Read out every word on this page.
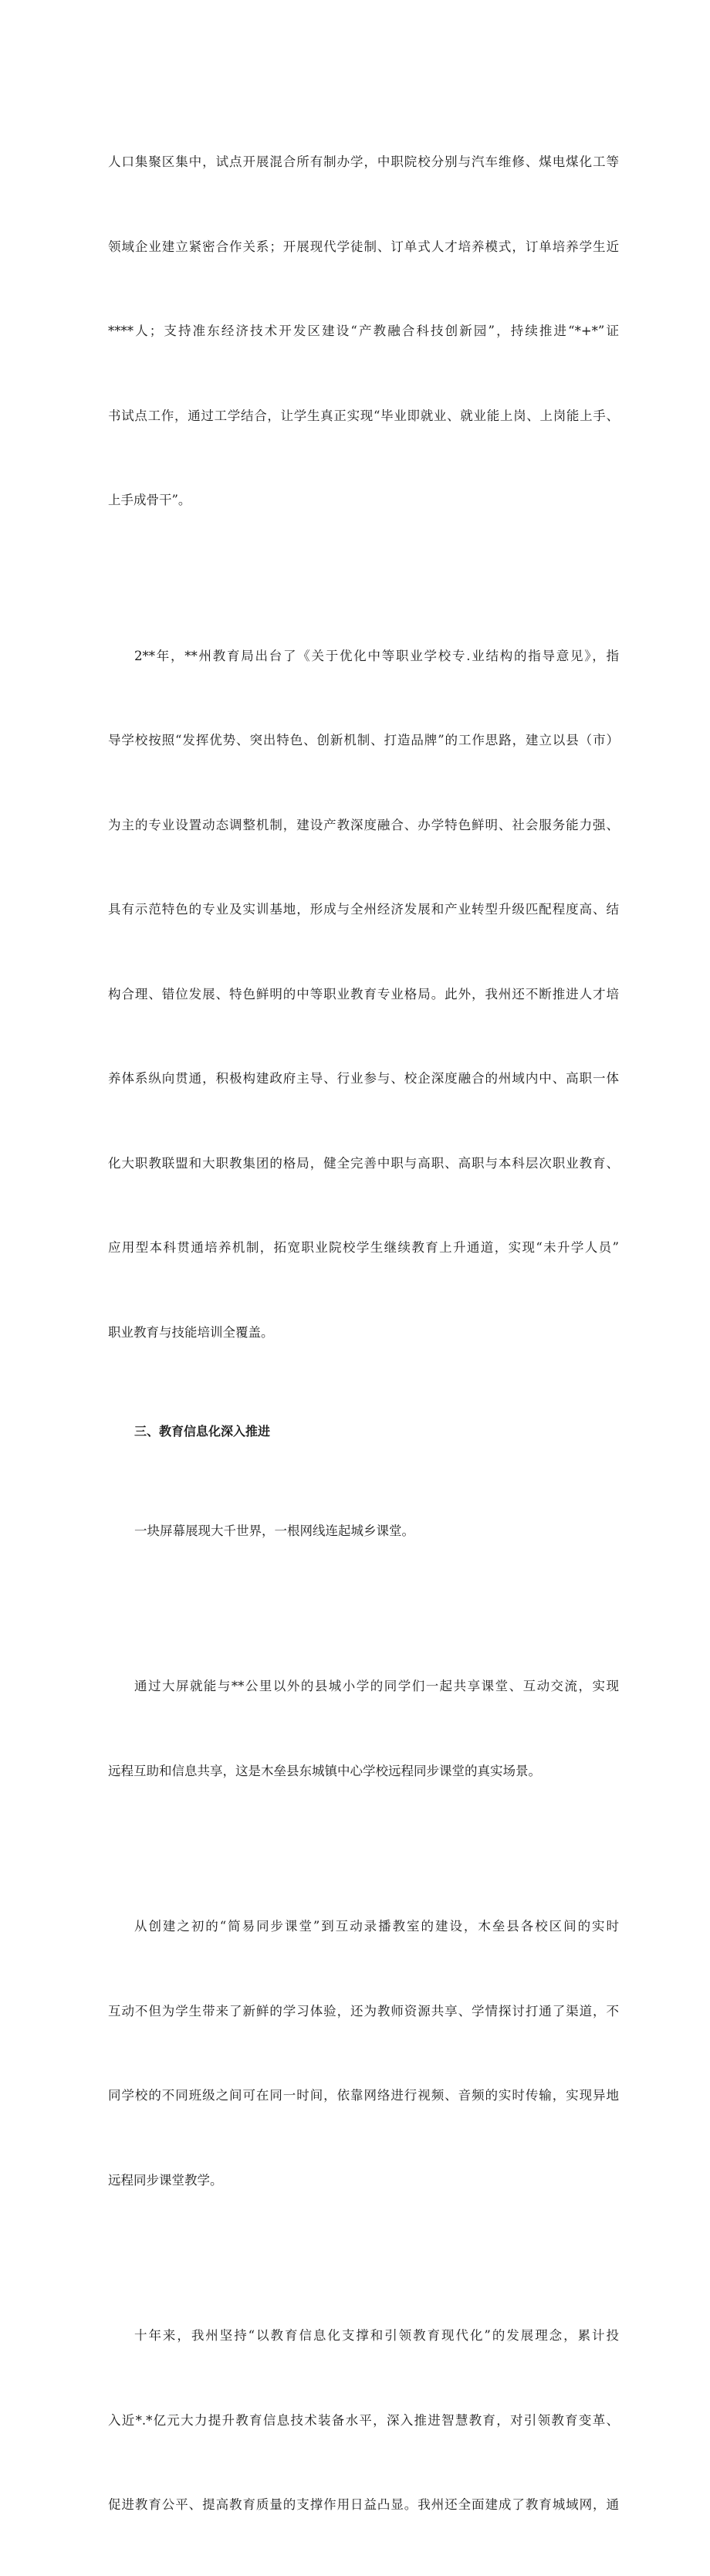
人口集聚区集中，试点开展混合所有制办学，中职院校分别与汽车维修、煤电煤化工等

领域企业建立紧密合作关系；开展现代学徒制、订单式人才培养模式，订单培养学生近

****人；支持准东经济技术开发区建设“产教融合科技创新园”，持续推进“*+*”证

书试点工作，通过工学结合，让学生真正实现“毕业即就业、就业能上岗、上岗能上手、

上手成骨干”。

2**年，**州教育局出台了《关于优化中等职业学校专.业结构的指导意见》，指

导学校按照“发挥优势、突出特色、创新机制、打造品牌”的工作思路，建立以县（市）

为主的专业设置动态调整机制，建设产教深度融合、办学特色鲜明、社会服务能力强、

具有示范特色的专业及实训基地，形成与全州经济发展和产业转型升级匹配程度高、结

构合理、错位发展、特色鲜明的中等职业教育专业格局。此外，我州还不断推进人才培

养体系纵向贯通，积极构建政府主导、行业参与、校企深度融合的州域内中、高职一体

化大职教联盟和大职教集团的格局，健全完善中职与高职、高职与本科层次职业教育、

应用型本科贯通培养机制，拓宽职业院校学生继续教育上升通道，实现“未升学人员”

职业教育与技能培训全覆盖。

三、教育信息化深入推进

一块屏幕展现大千世界，一根网线连起城乡课堂。

通过大屏就能与**公里以外的县城小学的同学们一起共享课堂、互动交流，实现

远程互助和信息共享，这是木垒县东城镇中心学校远程同步课堂的真实场景。

从创建之初的“简易同步课堂”到互动录播教室的建设，木垒县各校区间的实时

互动不但为学生带来了新鲜的学习体验，还为教师资源共享、学情探讨打通了渠道，不

同学校的不同班级之间可在同一时间，依靠网络进行视频、音频的实时传输，实现异地

远程同步课堂教学。

十年来，我州坚持“以教育信息化支撑和引领教育现代化”的发展理念，累计投

入近*.*亿元大力提升教育信息技术装备水平，深入推进智慧教育，对引领教育变革、

促进教育公平、提高教育质量的支撑作用日益凸显。我州还全面建成了教育城域网，通
